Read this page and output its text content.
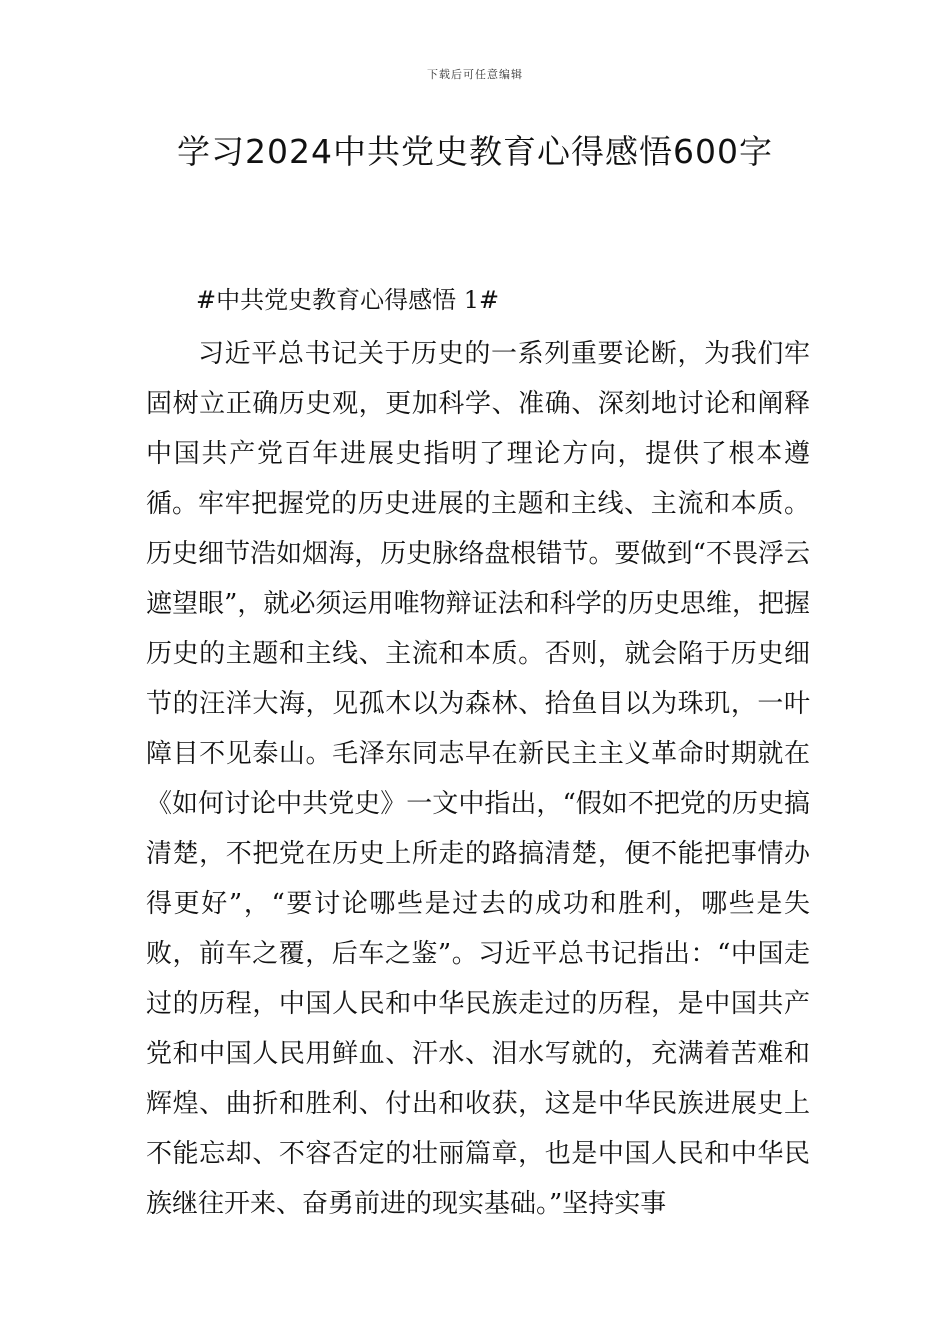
下载后可任意编辑
学习2024中共党史教育心得感悟600字

#中共党史教育心得感悟 1#

习近平总书记关于历史的一系列重要论断，为我们牢固树立正确历史观，更加科学、准确、深刻地讨论和阐释中国共产党百年进展史指明了理论方向，提供了根本遵循。 牢牢把握党的历史进展的主题和主线、主流和本质。历史细节浩如烟海，历史脉络盘根错节。要做到“不畏浮云遮望眼”，就必须运用唯物辩证法和科学的历史思维，把握历史的主题和主线、主流和本质。否则，就会陷于历史细节的汪洋大海，见孤木以为森林、拾鱼目以为珠玑，一叶障目不见泰山。毛泽东同志早在新民主主义革命时期就在《如何讨论中共党史》一文中指出，“假如不把党的历史搞清楚，不把党在历史上所走的路搞清楚，便不能把事情办得更好”，“要讨论哪些是过去的成功和胜利，哪些是失败，前车之覆，后车之鉴”。习近平总书记指出：“中国走过的历程，中国人民和中华民族走过的历程，是中国共产党和中国人民用鲜血、汗水、泪水写就的，充满着苦难和辉煌、曲折和胜利、付出和收获，这是中华民族进展史上不能忘却、不容否定的壮丽篇章，也是中国人民和中华民族继往开来、奋勇前进的现实基础。”坚持实事
